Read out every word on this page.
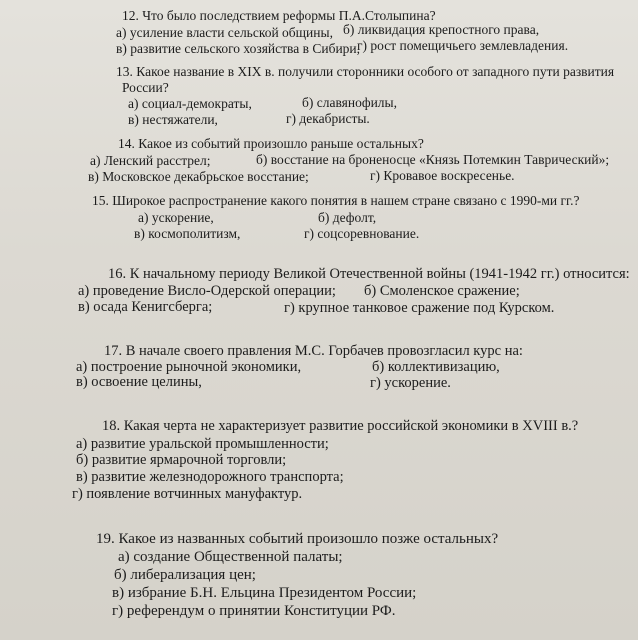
12. Что было последствием реформы П.А.Столыпина?
а) усиление власти сельской общины, б) ликвидация крепостного права,
в) развитие сельского хозяйства в Сибири,
г) рост помещичьего землевладения.
13. Какое название в XIX в. получили сторонники особого от западного пути развития
России?
а) социал-демократы,	б) славянофилы,
в) нестяжатели,	г) декабристы.
14. Какое из событий произошло раньше остальных?
а) Ленский расстрел;	б) восстание на броненосце «Князь Потемкин Таврический»;
в) Московское декабрьское восстание;	г) Кровавое воскресенье.
15. Широкое распространение какого понятия в нашем стране связано с 1990-ми гг.?
а) ускорение,	б) дефолт,
в) космополитизм,	г) соцсоревнование.
16. К начальному периоду Великой Отечественной войны (1941-1942 гг.) относится:
а) проведение Висло-Одерской операции; б) Смоленское сражение;
в) осада Кенигсберга;	г) крупное танковое сражение под Курском.
17. В начале своего правления М.С. Горбачев провозгласил курс на:
а) построение рыночной экономики,	б) коллективизацию,
в) освоение целины,	г) ускорение.
18. Какая черта не характеризует развитие российской экономики в XVIII в.?
а) развитие уральской промышленности;
б) развитие ярмарочной торговли;
в) развитие железнодорожного транспорта;
г) появление вотчинных мануфактур.
19. Какое из названных событий произошло позже остальных?
а) создание Общественной палаты;
б) либерализация цен;
в) избрание Б.Н. Ельцина Президентом России;
г) референдум о принятии Конституции РФ.
